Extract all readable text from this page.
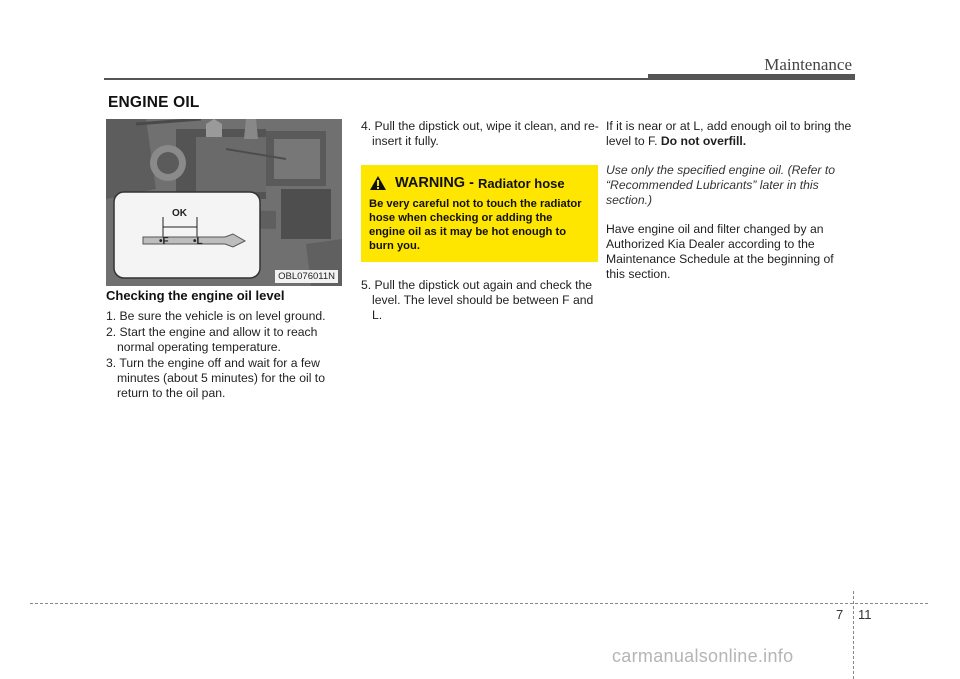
Maintenance
ENGINE OIL
OK
•F •L
OBL076011N
Checking the engine oil level
1. Be sure the vehicle is on level ground.
2. Start the engine and allow it to reach normal operating temperature.
3. Turn the engine off and wait for a few minutes (about 5 minutes) for the oil to return to the oil pan.
4. Pull the dipstick out, wipe it clean, and re-insert it fully.
WARNING - Radiator hose
Be very careful not to touch the radiator hose when checking or adding the engine oil as it may be hot enough to burn you.
5. Pull the dipstick out again and check the level. The level should be between F and L.

If it is near or at L, add enough oil to bring the level to F. Do not overfill.

Use only the specified engine oil. (Refer to “Recommended Lubricants” later in this section.)

Have engine oil and filter changed by an Authorized Kia Dealer according to the Maintenance Schedule at the beginning of this section.

7 11
carmanualsonline.info
